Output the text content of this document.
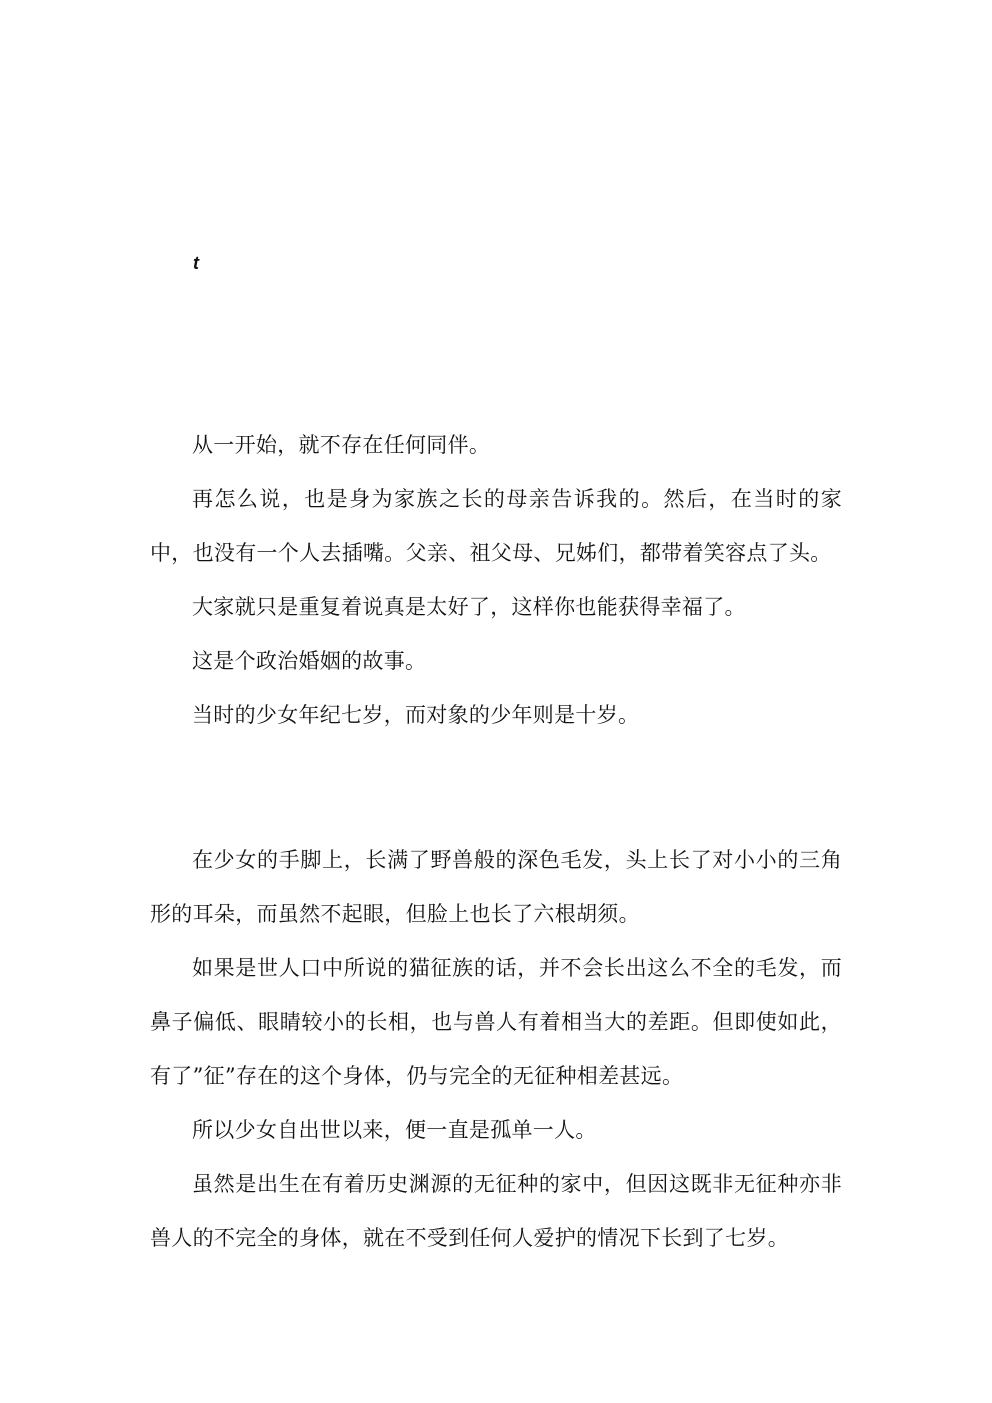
t

从一开始，就不存在任何同伴。

再怎么说，也是身为家族之长的母亲告诉我的。然后，在当时的家中，也没有一个人去插嘴。父亲、祖父母、兄姊们，都带着笑容点了头。

大家就只是重复着说真是太好了，这样你也能获得幸福了。

这是个政治婚姻的故事。

当时的少女年纪七岁，而对象的少年则是十岁。

在少女的手脚上，长满了野兽般的深色毛发，头上长了对小小的三角形的耳朵，而虽然不起眼，但脸上也长了六根胡须。

如果是世人口中所说的猫征族的话，并不会长出这么不全的毛发，而鼻子偏低、眼睛较小的长相，也与兽人有着相当大的差距。但即使如此，有了”征”存在的这个身体，仍与完全的无征种相差甚远。

所以少女自出世以来，便一直是孤单一人。

虽然是出生在有着历史渊源的无征种的家中，但因这既非无征种亦非兽人的不完全的身体，就在不受到任何人爱护的情况下长到了七岁。
